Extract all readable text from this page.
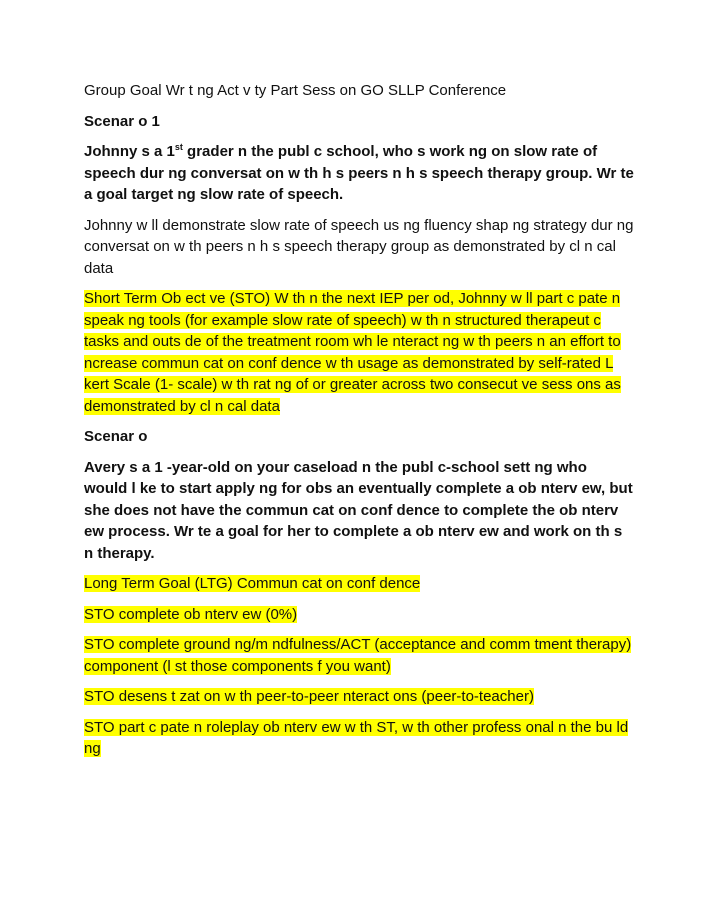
Group Goal Wr t ng Act v ty Part Sess on GO SLLP Conference

Scenar o 1

Johnny s a 1st grader n the publ c school, who s work ng on slow rate of speech dur ng conversat on w th h s peers n h s speech therapy group. Wr te a goal target ng slow rate of speech.

Johnny w ll demonstrate slow rate of speech us ng fluency shap ng strategy dur ng conversat on w th peers n h s speech therapy group as demonstrated by cl n cal data

Short Term Ob ect ve (STO) W th n the next IEP per od, Johnny w ll part c pate n speak ng tools (for example slow rate of speech) w th n structured therapeut c tasks and outs de of the treatment room wh le nteract ng w th peers n an effort to ncrease commun cat on conf dence w th usage as demonstrated by self-rated L kert Scale (1- scale) w th rat ng of or greater across two consecut ve sess ons as demonstrated by cl n cal data

Scenar o

Avery s a 1 -year-old on your caseload n the publ c-school sett ng who would l ke to start apply ng for obs an eventually complete a ob nterv ew, but she does not have the commun cat on conf dence to complete the ob nterv ew process. Wr te a goal for her to complete a ob nterv ew and work on th s n therapy.

Long Term Goal (LTG) Commun cat on conf dence

STO complete ob nterv ew (0%)

STO complete ground ng/m ndfulness/ACT (acceptance and comm tment therapy) component (l st those components f you want)

STO desens t zat on w th peer-to-peer nteract ons (peer-to-teacher)

STO part c pate n roleplay ob nterv ew w th ST, w th other profess onal n the bu ld ng
